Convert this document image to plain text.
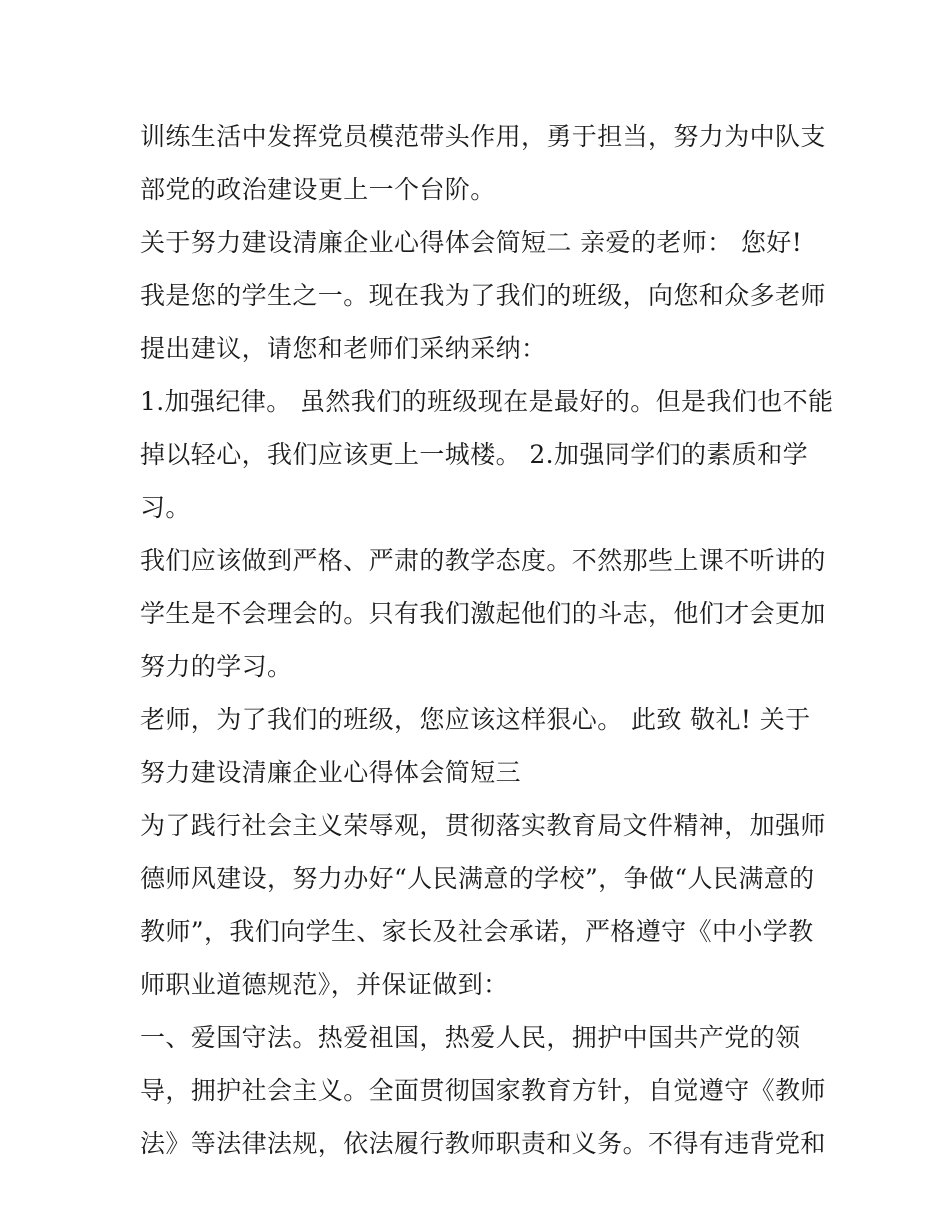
训练生活中发挥党员模范带头作用，勇于担当，努力为中队支
部党的政治建设更上一个台阶。
关于努力建设清廉企业心得体会简短二 亲爱的老师： 您好!
我是您的学生之一。现在我为了我们的班级，向您和众多老师
提出建议，请您和老师们采纳采纳：
1.加强纪律。 虽然我们的班级现在是最好的。但是我们也不能
掉以轻心，我们应该更上一城楼。 2.加强同学们的素质和学
习。
我们应该做到严格、严肃的教学态度。不然那些上课不听讲的
学生是不会理会的。只有我们激起他们的斗志，他们才会更加
努力的学习。
老师，为了我们的班级，您应该这样狠心。 此致 敬礼! 关于
努力建设清廉企业心得体会简短三
为了践行社会主义荣辱观，贯彻落实教育局文件精神，加强师
德师风建设，努力办好“人民满意的学校”，争做“人民满意的
教师”，我们向学生、家长及社会承诺，严格遵守《中小学教
师职业道德规范》，并保证做到：
一、爱国守法。热爱祖国，热爱人民，拥护中国共产党的领
导，拥护社会主义。全面贯彻国家教育方针，自觉遵守《教师
法》等法律法规，依法履行教师职责和义务。不得有违背党和
